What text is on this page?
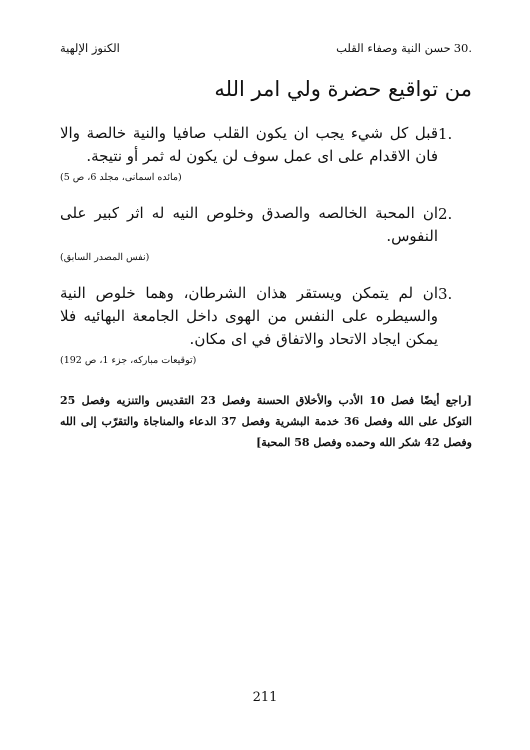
30.
حسن النية وصفاء القلب
الكنوز الإلهية
من تواقيع حضرة ولي امر الله
1.
قبل كل شيء يجب ان يكون القلب صافيا والنية خالصة والا فان الاقدام على اى عمل سوف لن يكون له ثمر أو نتيجة.
(مائده اسمانى، مجلد 6، ص 5)
2.
ان المحبة الخالصه والصدق وخلوص النيه له اثر كبير على النفوس.
(نفس المصدر السابق)
3.
ان لم يتمكن ويستقر هذان الشرطان، وهما خلوص النية والسيطره على النفس من الهوى داخل الجامعة البهائيه فلا يمكن ايجاد الاتحاد والاتفاق في اى مكان.
(توقيعات مباركه، جزء 1، ص 192)
[راجع أيضًا فصل 10 الأدب والأخلاق الحسنة وفصل 23 التقديس والتنزيه وفصل 25 التوكل على الله وفصل 36 خدمة البشرية وفصل 37 الدعاء والمناجاة والتقرّب إلى الله وفصل 42 شكر الله وحمده وفصل 58 المحبة]
211
